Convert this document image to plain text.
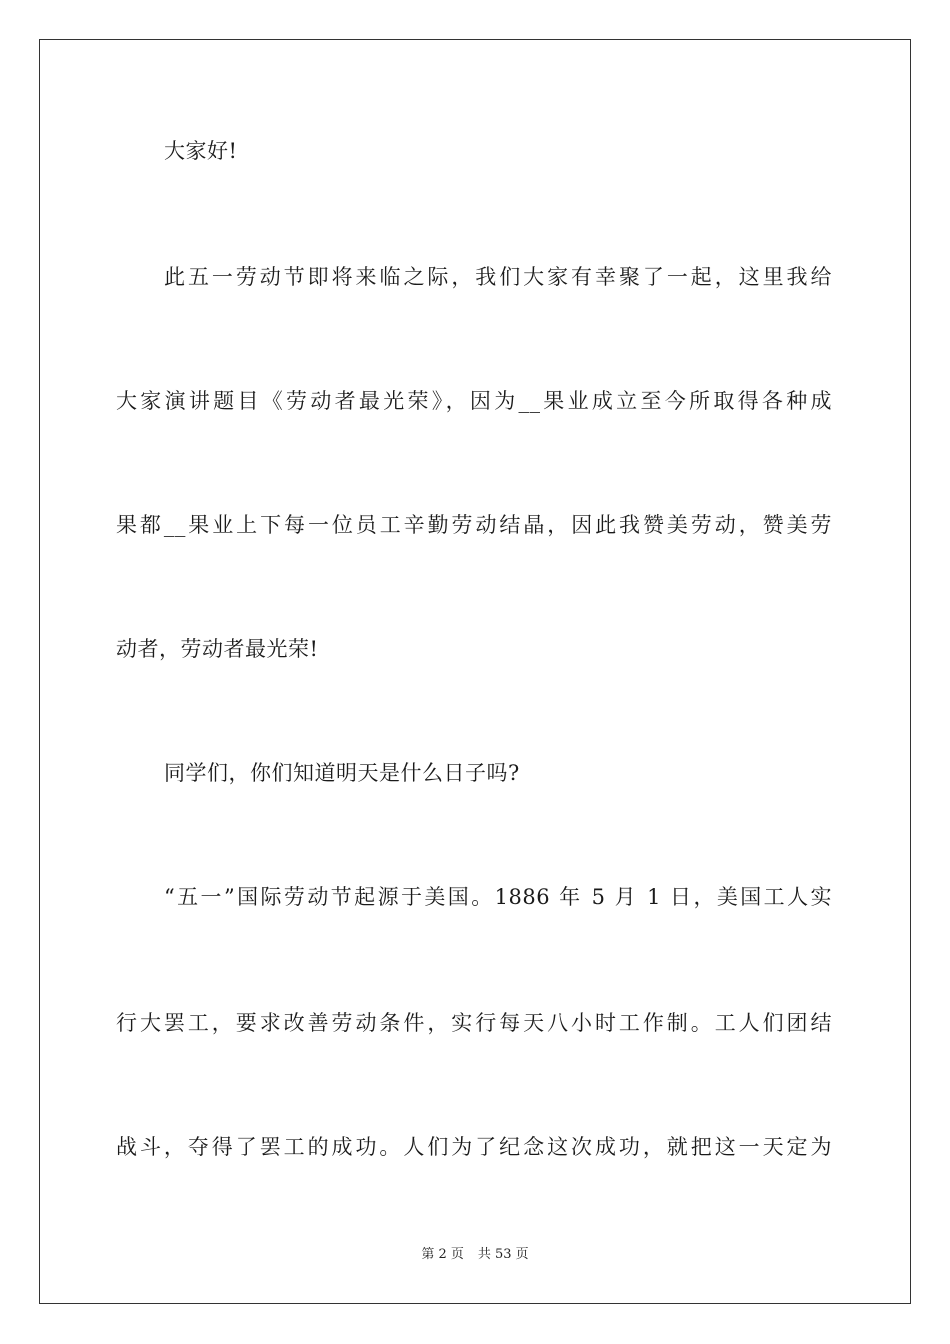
大家好!
此五一劳动节即将来临之际，我们大家有幸聚了一起，这里我给
大家演讲题目《劳动者最光荣》，因为__果业成立至今所取得各种成
果都__果业上下每一位员工辛勤劳动结晶，因此我赞美劳动，赞美劳
动者，劳动者最光荣!
同学们，你们知道明天是什么日子吗?
“五一”国际劳动节起源于美国。1886 年 5 月 1 日，美国工人实
行大罢工，要求改善劳动条件，实行每天八小时工作制。工人们团结
战斗，夺得了罢工的成功。人们为了纪念这次成功，就把这一天定为
第 2 页 共 53 页
